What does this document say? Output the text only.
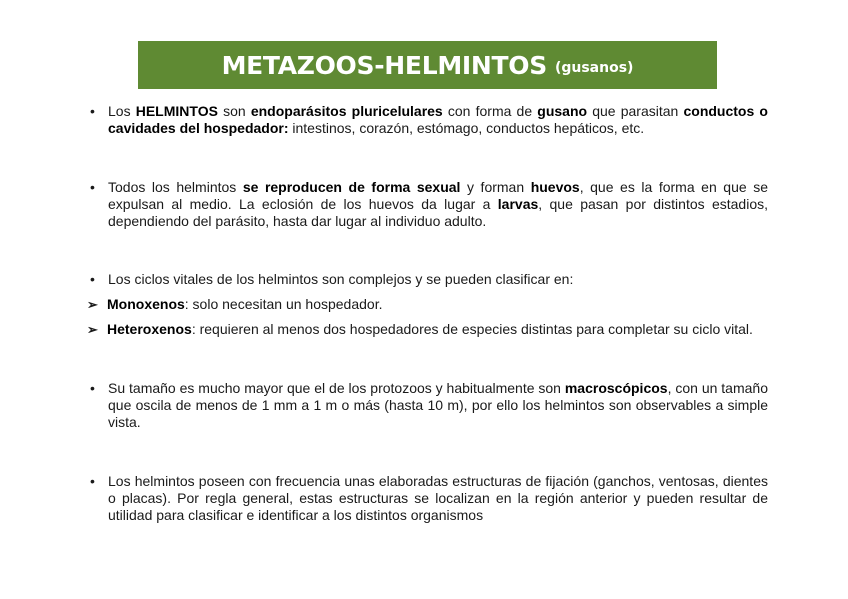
METAZOOS-HELMINTOS (gusanos)
• Los HELMINTOS son endoparásitos pluricelulares con forma de gusano que parasitan conductos o cavidades del hospedador: intestinos, corazón, estómago, conductos hepáticos, etc.
• Todos los helmintos se reproducen de forma sexual y forman huevos, que es la forma en que se expulsan al medio. La eclosión de los huevos da lugar a larvas, que pasan por distintos estadios, dependiendo del parásito, hasta dar lugar al individuo adulto.
• Los ciclos vitales de los helmintos son complejos y se pueden clasificar en:
➢ Monoxenos: solo necesitan un hospedador.
➢ Heteroxenos: requieren al menos dos hospedadores de especies distintas para completar su ciclo vital.
• Su tamaño es mucho mayor que el de los protozoos y habitualmente son macroscópicos, con un tamaño que oscila de menos de 1 mm a 1 m o más (hasta 10 m), por ello los helmintos son observables a simple vista.
• Los helmintos poseen con frecuencia unas elaboradas estructuras de fijación (ganchos, ventosas, dientes o placas). Por regla general, estas estructuras se localizan en la región anterior y pueden resultar de utilidad para clasificar e identificar a los distintos organismos
